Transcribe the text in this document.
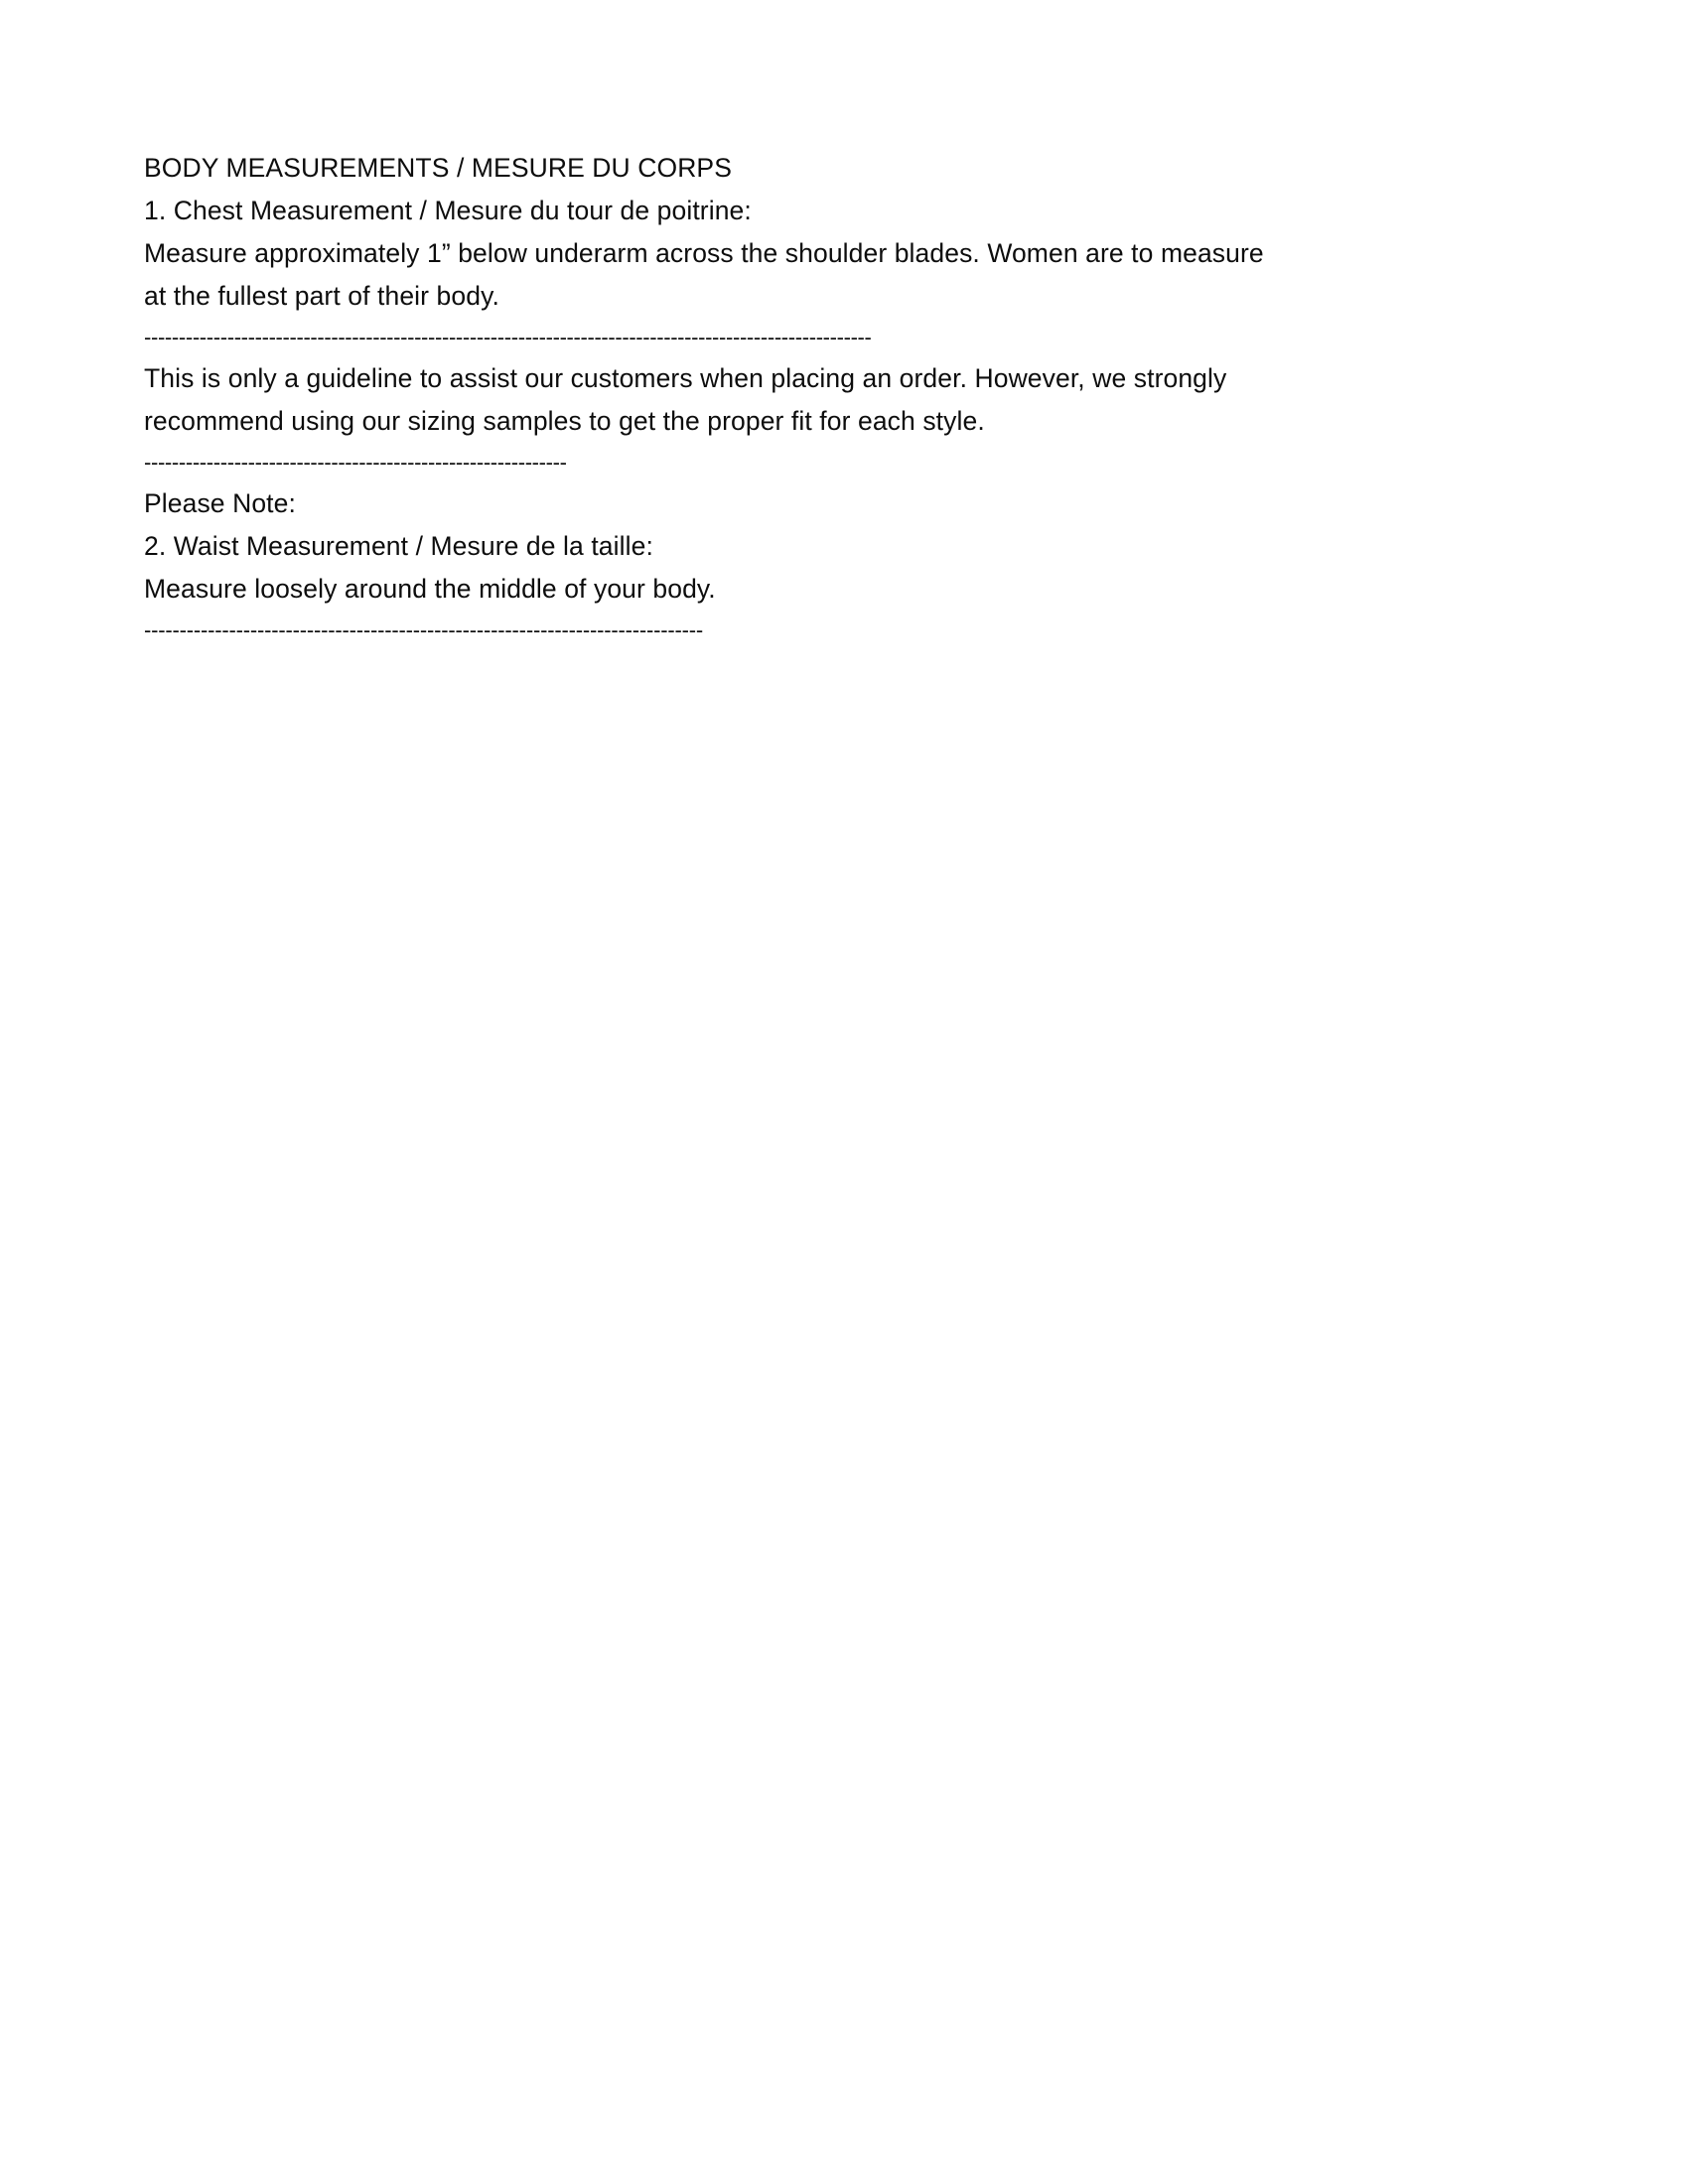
BODY MEASUREMENTS / MESURE DU CORPS
1. Chest Measurement / Mesure du tour de poitrine:
Measure approximately 1” below underarm across the shoulder blades. Women are to measure at the fullest part of their body.
---------------------------------------------------------------------------------------------------------
This is only a guideline to assist our customers when placing an order. However, we strongly recommend using our sizing samples to get the proper fit for each style.
-------------------------------------------------------------
Please Note:
2. Waist Measurement / Mesure de la taille:
Measure loosely around the middle of your body.
-------------------------------------------------------------------------------
